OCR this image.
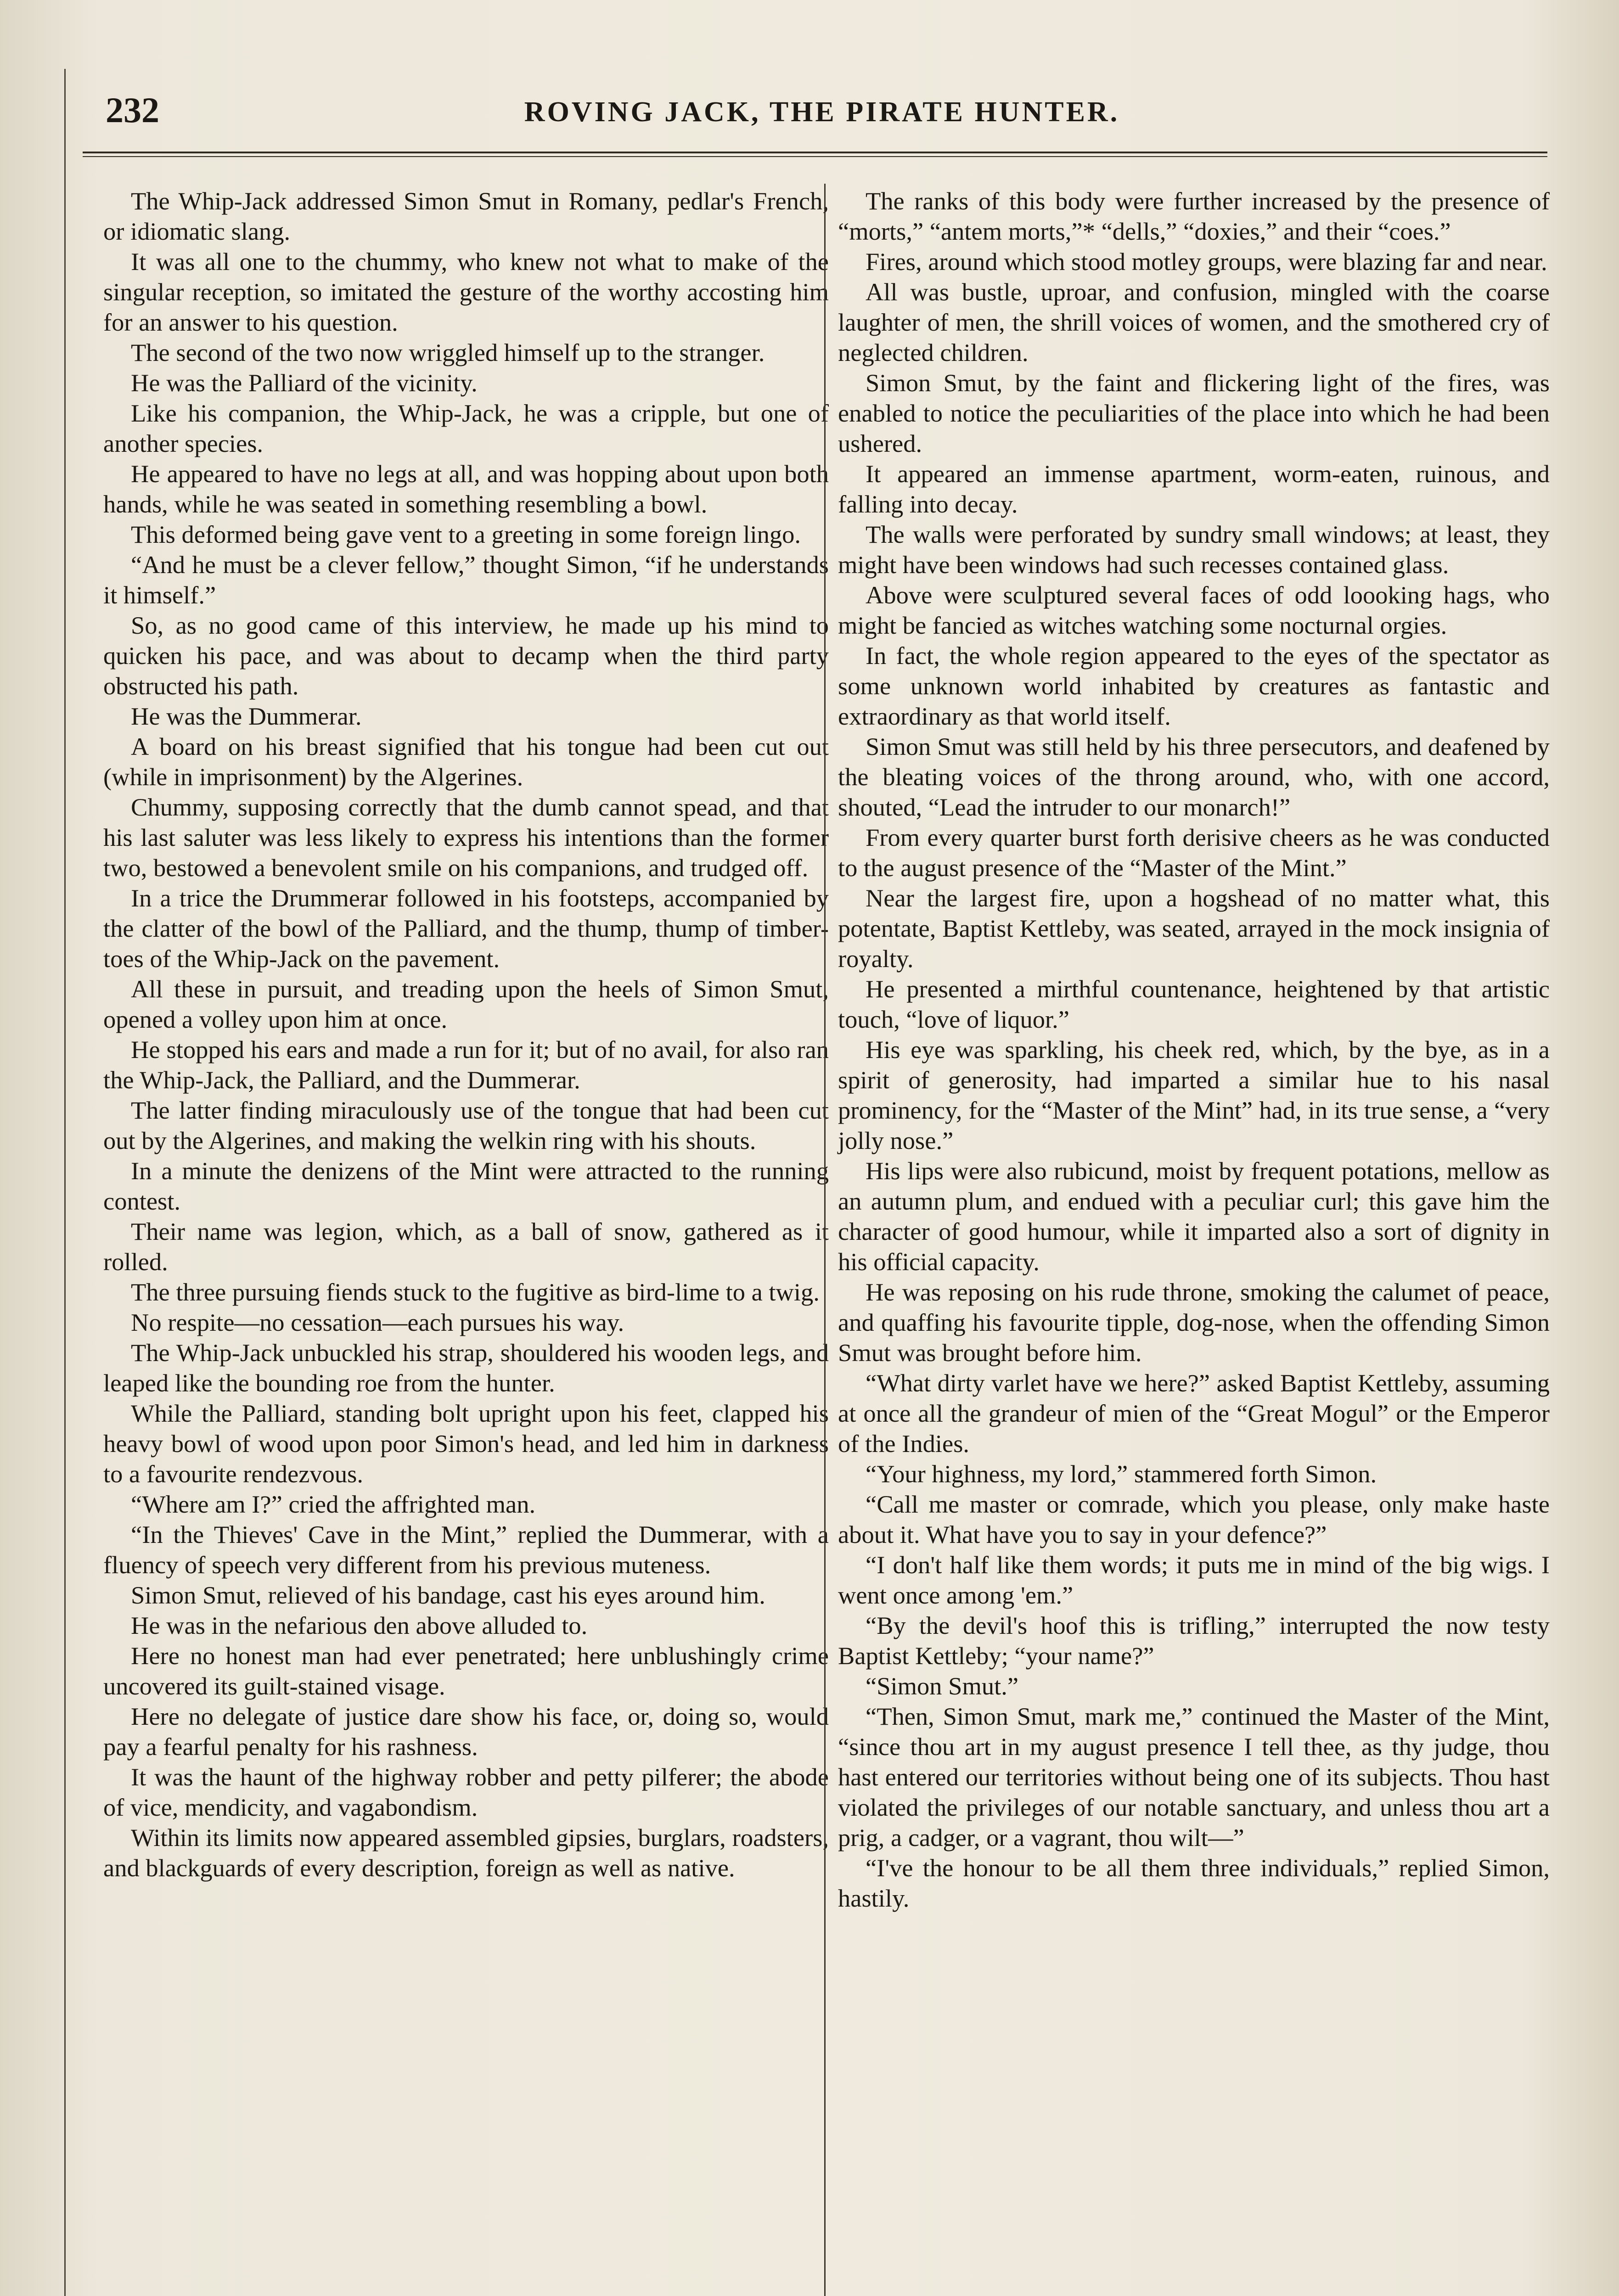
232	ROVING JACK, THE PIRATE HUNTER.

The Whip-Jack addressed Simon Smut in Romany, pedlar's French, or idiomatic slang.

It was all one to the chummy, who knew not what to make of the singular reception, so imitated the gesture of the worthy accosting him for an answer to his question.

The second of the two now wriggled himself up to the stranger.

He was the Palliard of the vicinity.

Like his companion, the Whip-Jack, he was a cripple, but one of another species.

He appeared to have no legs at all, and was hopping about upon both hands, while he was seated in something resembling a bowl.

This deformed being gave vent to a greeting in some foreign lingo.

“And he must be a clever fellow,” thought Simon, “if he understands it himself.”

So, as no good came of this interview, he made up his mind to quicken his pace, and was about to decamp when the third party obstructed his path.

He was the Dummerar.

A board on his breast signified that his tongue had been cut out (while in imprisonment) by the Algerines.

Chummy, supposing correctly that the dumb cannot spead, and that his last saluter was less likely to express his intentions than the former two, bestowed a benevolent smile on his companions, and trudged off.

In a trice the Drummerar followed in his footsteps, accompanied by the clatter of the bowl of the Palliard, and the thump, thump of timber-toes of the Whip-Jack on the pavement.

All these in pursuit, and treading upon the heels of Simon Smut, opened a volley upon him at once.

He stopped his ears and made a run for it; but of no avail, for also ran the Whip-Jack, the Palliard, and the Dummerar.

The latter finding miraculously use of the tongue that had been cut out by the Algerines, and making the welkin ring with his shouts.

In a minute the denizens of the Mint were attracted to the running contest.

Their name was legion, which, as a ball of snow, gathered as it rolled.

The three pursuing fiends stuck to the fugitive as bird-lime to a twig.

No respite—no cessation—each pursues his way.

The Whip-Jack unbuckled his strap, shouldered his wooden legs, and leaped like the bounding roe from the hunter.

While the Palliard, standing bolt upright upon his feet, clapped his heavy bowl of wood upon poor Simon's head, and led him in darkness to a favourite rendezvous.

“Where am I?” cried the affrighted man.

“In the Thieves' Cave in the Mint,” replied the Dummerar, with a fluency of speech very different from his previous muteness.

Simon Smut, relieved of his bandage, cast his eyes around him.

He was in the nefarious den above alluded to.

Here no honest man had ever penetrated; here unblushingly crime uncovered its guilt-stained visage.

Here no delegate of justice dare show his face, or, doing so, would pay a fearful penalty for his rashness.

It was the haunt of the highway robber and petty pilferer; the abode of vice, mendicity, and vagabondism.

Within its limits now appeared assembled gipsies, burglars, roadsters, and blackguards of every description, foreign as well as native.

The ranks of this body were further increased by the presence of “morts,” “antem morts,”* “dells,” “doxies,” and their “coes.”

Fires, around which stood motley groups, were blazing far and near.

All was bustle, uproar, and confusion, mingled with the coarse laughter of men, the shrill voices of women, and the smothered cry of neglected children.

Simon Smut, by the faint and flickering light of the fires, was enabled to notice the peculiarities of the place into which he had been ushered.

It appeared an immense apartment, worm-eaten, ruinous, and falling into decay.

The walls were perforated by sundry small windows; at least, they might have been windows had such recesses contained glass.

Above were sculptured several faces of odd loooking hags, who might be fancied as witches watching some nocturnal orgies.

In fact, the whole region appeared to the eyes of the spectator as some unknown world inhabited by creatures as fantastic and extraordinary as that world itself.

Simon Smut was still held by his three persecutors, and deafened by the bleating voices of the throng around, who, with one accord, shouted, “Lead the intruder to our monarch!”

From every quarter burst forth derisive cheers as he was conducted to the august presence of the “Master of the Mint.”

Near the largest fire, upon a hogshead of no matter what, this potentate, Baptist Kettleby, was seated, arrayed in the mock insignia of royalty.

He presented a mirthful countenance, heightened by that artistic touch, “love of liquor.”

His eye was sparkling, his cheek red, which, by the bye, as in a spirit of generosity, had imparted a similar hue to his nasal prominency, for the “Master of the Mint” had, in its true sense, a “very jolly nose.”

His lips were also rubicund, moist by frequent potations, mellow as an autumn plum, and endued with a peculiar curl; this gave him the character of good humour, while it imparted also a sort of dignity in his official capacity.

He was reposing on his rude throne, smoking the calumet of peace, and quaffing his favourite tipple, dog-nose, when the offending Simon Smut was brought before him.

“What dirty varlet have we here?” asked Baptist Kettleby, assuming at once all the grandeur of mien of the “Great Mogul” or the Emperor of the Indies.

“Your highness, my lord,” stammered forth Simon.

“Call me master or comrade, which you please, only make haste about it. What have you to say in your defence?”

“I don't half like them words; it puts me in mind of the big wigs. I went once among 'em.”

“By the devil's hoof this is trifling,” interrupted the now testy Baptist Kettleby; “your name?”

“Simon Smut.”

“Then, Simon Smut, mark me,” continued the Master of the Mint, “since thou art in my august presence I tell thee, as thy judge, thou hast entered our territories without being one of its subjects. Thou hast violated the privileges of our notable sanctuary, and unless thou art a prig, a cadger, or a vagrant, thou wilt—”

“I've the honour to be all them three individuals,” replied Simon, hastily.
